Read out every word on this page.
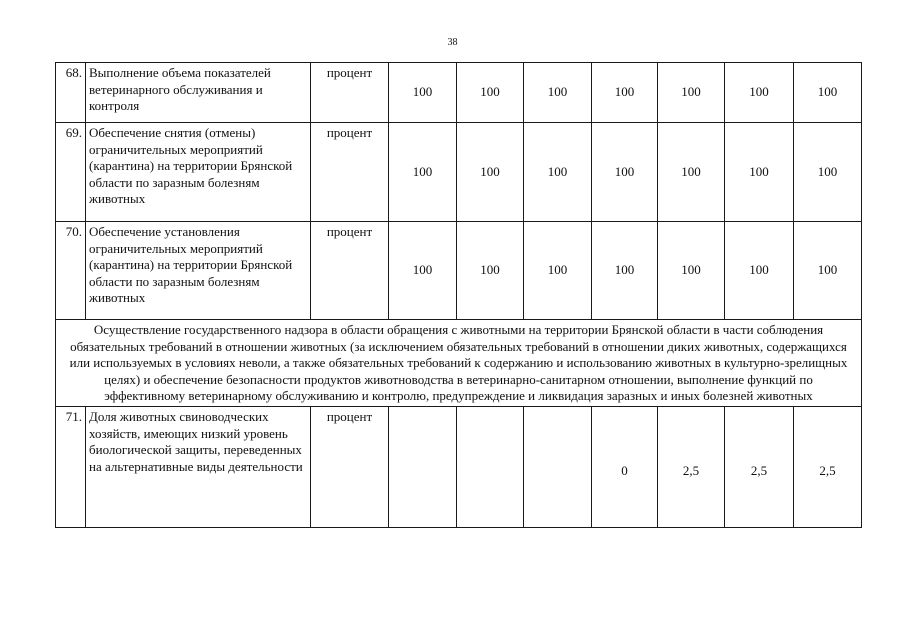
38
68.	Выполнение объема показателей ветеринарного обслуживания и контроля	процент	100	100	100	100	100	100	100
69.	Обеспечение снятия (отмены) ограничительных мероприятий (карантина) на территории Брянской области по заразным болезням животных	процент	100	100	100	100	100	100	100
70.	Обеспечение установления ограничительных мероприятий (карантина) на территории Брянской области по заразным болезням животных	процент	100	100	100	100	100	100	100
Осуществление государственного надзора в области обращения с животными на территории Брянской области в части соблюдения обязательных требований в отношении животных (за исключением обязательных требований в отношении диких животных, содержащихся или используемых в условиях неволи, а также обязательных требований к содержанию и использованию животных в культурно-зрелищных целях) и обеспечение безопасности продуктов животноводства в ветеринарно-санитарном отношении, выполнение функций по эффективному ветеринарному обслуживанию и контролю, предупреждение и ликвидация заразных и иных болезней животных									
71.	Доля животных свиноводческих хозяйств, имеющих низкий уровень биологической защиты, переведенных на альтернативные виды деятельности	процент				0	2,5	2,5	2,5
